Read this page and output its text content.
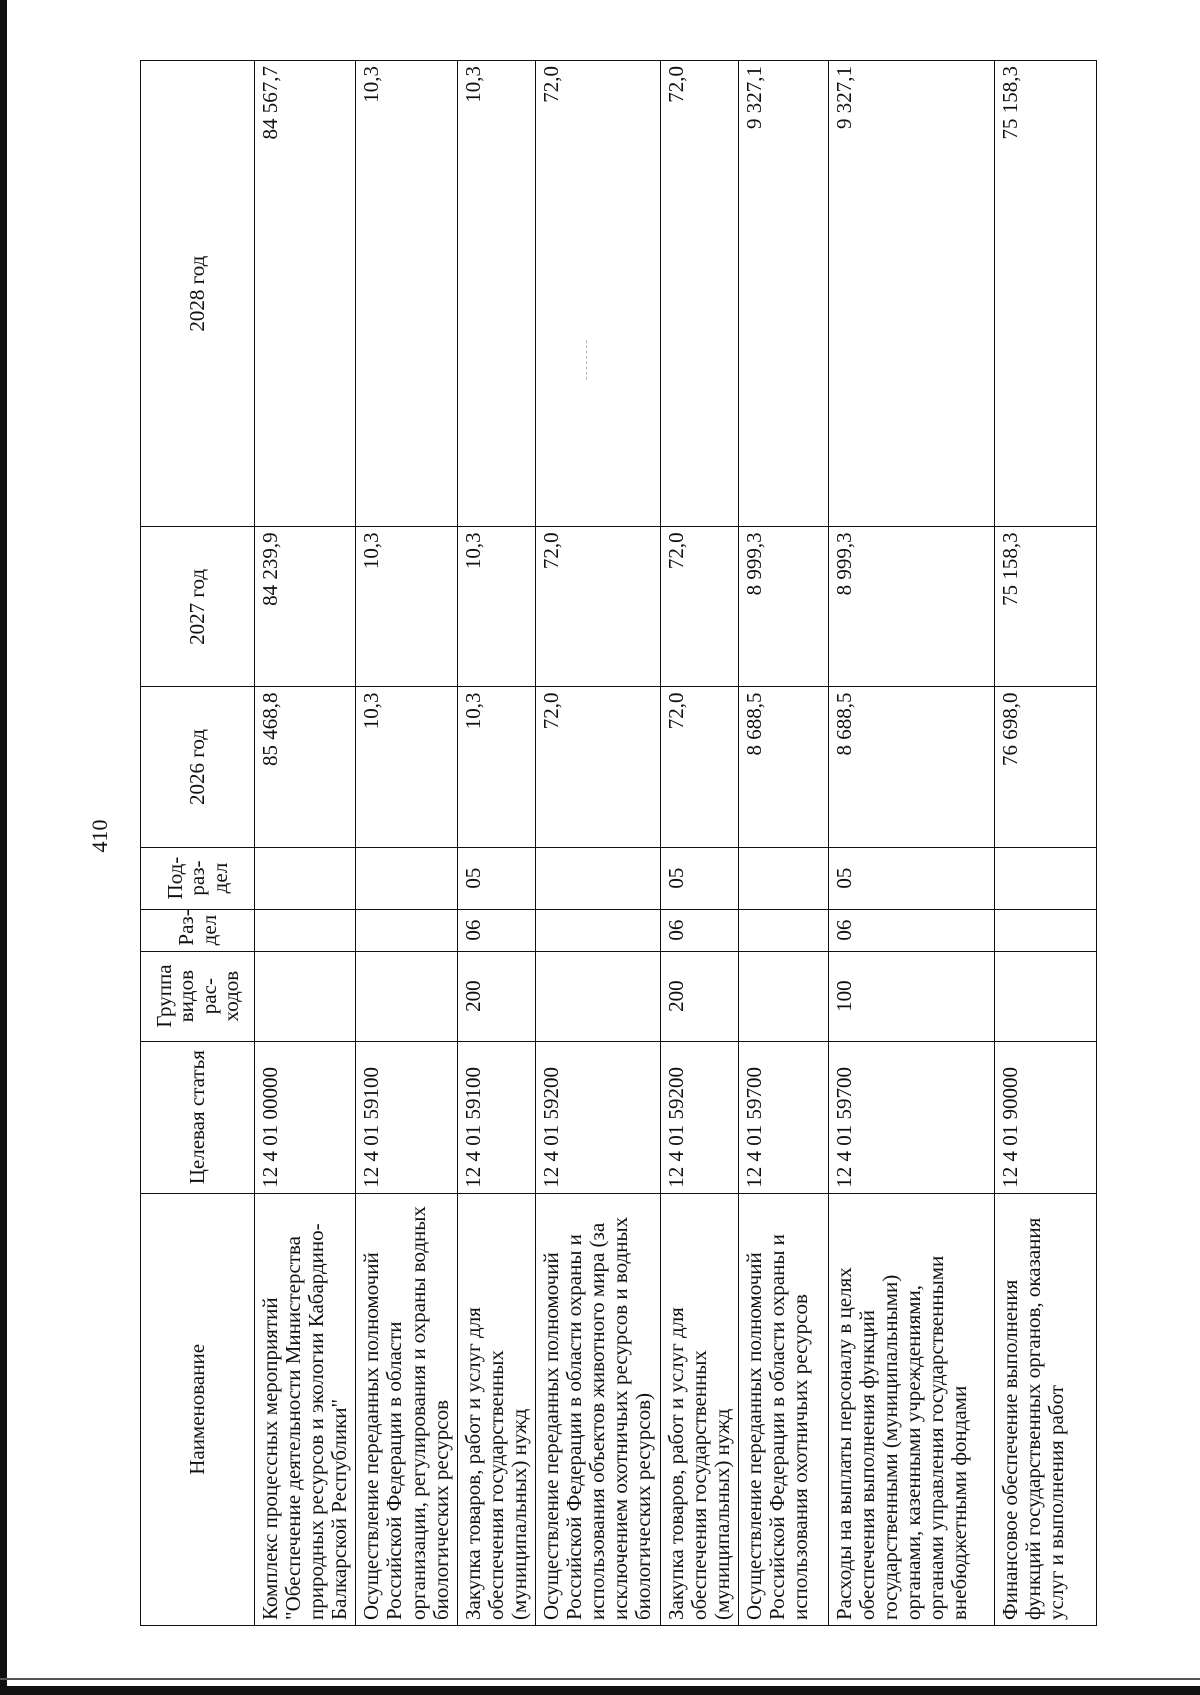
410
Наименование	Целевая статья	Группа видов рас-ходов	Раз-дел	Под-раз-дел	2026 год	2027 год	2028 год
Комплекс процессных мероприятий "Обеспечение деятельности Министерства природных ресурсов и экологии Кабардино-Балкарской Республики"	12 4 01 00000				85 468,8	84 239,9	84 567,7
Осуществление переданных полномочий Российской Федерации в области организации, регулирования и охраны водных биологических ресурсов	12 4 01 59100				10,3	10,3	10,3
Закупка товаров, работ и услуг для обеспечения государственных (муниципальных) нужд	12 4 01 59100	200	06	05	10,3	10,3	10,3
Осуществление переданных полномочий Российской Федерации в области охраны и использования объектов животного мира (за исключением охотничьих ресурсов и водных биологических ресурсов)	12 4 01 59200				72,0	72,0	72,0
Закупка товаров, работ и услуг для обеспечения государственных (муниципальных) нужд	12 4 01 59200	200	06	05	72,0	72,0	72,0
Осуществление переданных полномочий Российской Федерации в области охраны и использования охотничьих ресурсов	12 4 01 59700				8 688,5	8 999,3	9 327,1
Расходы на выплаты персоналу в целях обеспечения выполнения функций государственными (муниципальными) органами, казенными учреждениями, органами управления государственными внебюджетными фондами	12 4 01 59700	100	06	05	8 688,5	8 999,3	9 327,1
Финансовое обеспечение выполнения функций государственных органов, оказания услуг и выполнения работ	12 4 01 90000				76 698,0	75 158,3	75 158,3
